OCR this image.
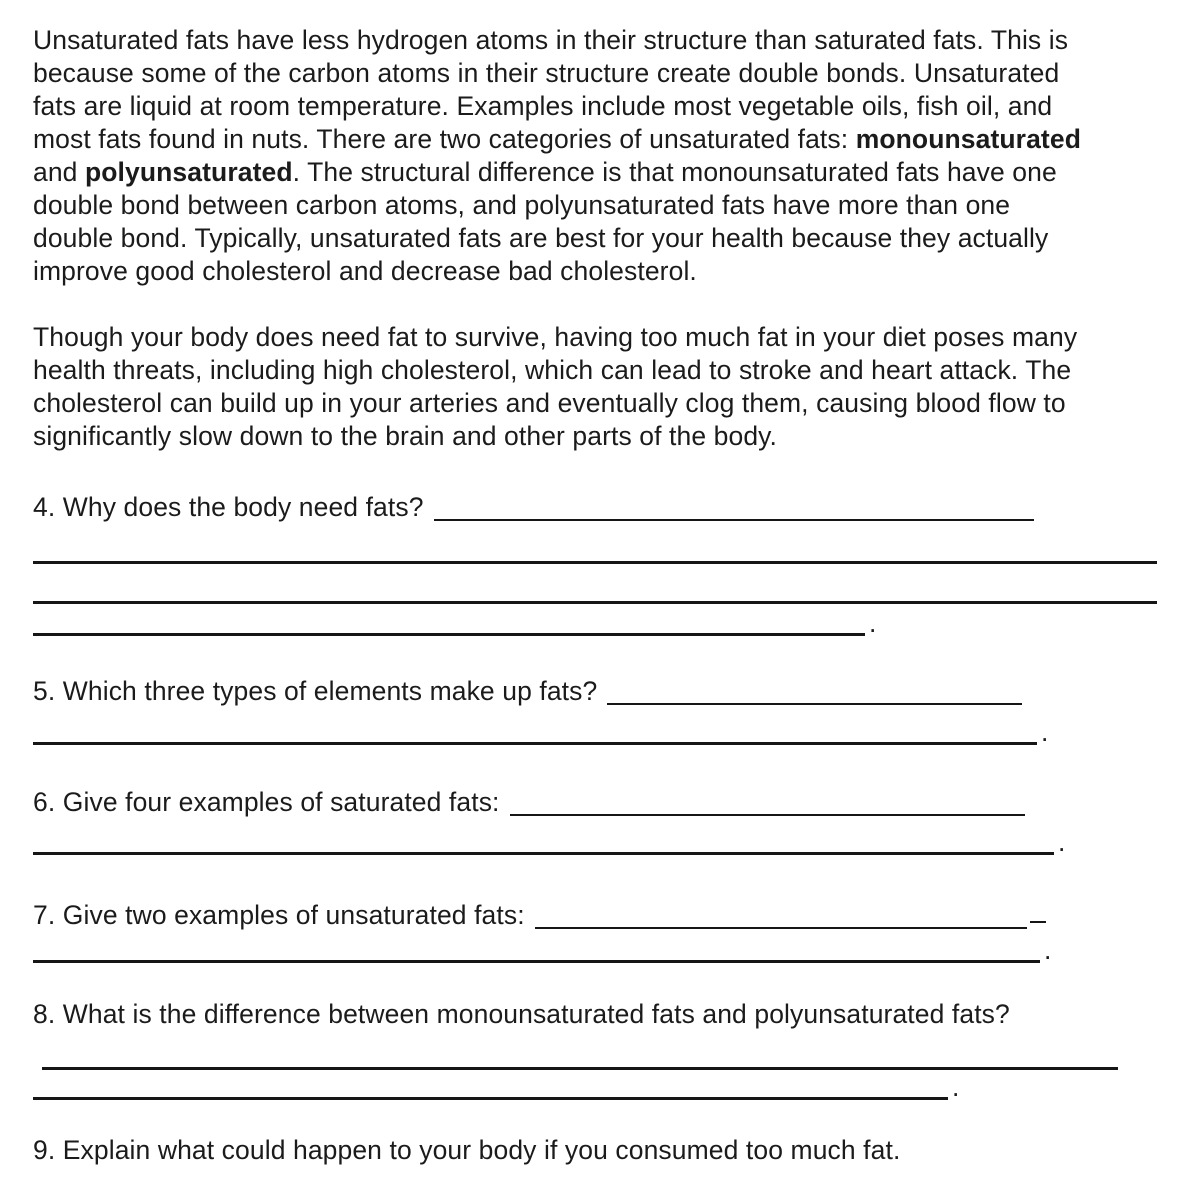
Unsaturated fats have less hydrogen atoms in their structure than saturated fats. This is
because some of the carbon atoms in their structure create double bonds. Unsaturated
fats are liquid at room temperature. Examples include most vegetable oils, fish oil, and
most fats found in nuts. There are two categories of unsaturated fats: monounsaturated
and polyunsaturated. The structural difference is that monounsaturated fats have one
double bond between carbon atoms, and polyunsaturated fats have more than one
double bond. Typically, unsaturated fats are best for your health because they actually
improve good cholesterol and decrease bad cholesterol.
Though your body does need fat to survive, having too much fat in your diet poses many
health threats, including high cholesterol, which can lead to stroke and heart attack. The
cholesterol can build up in your arteries and eventually clog them, causing blood flow to
significantly slow down to the brain and other parts of the body.
4. Why does the body need fats?
.
5. Which three types of elements make up fats?
.
6. Give four examples of saturated fats:
.
7. Give two examples of unsaturated fats:
.
8. What is the difference between monounsaturated fats and polyunsaturated fats?
.
9. Explain what could happen to your body if you consumed too much fat.
